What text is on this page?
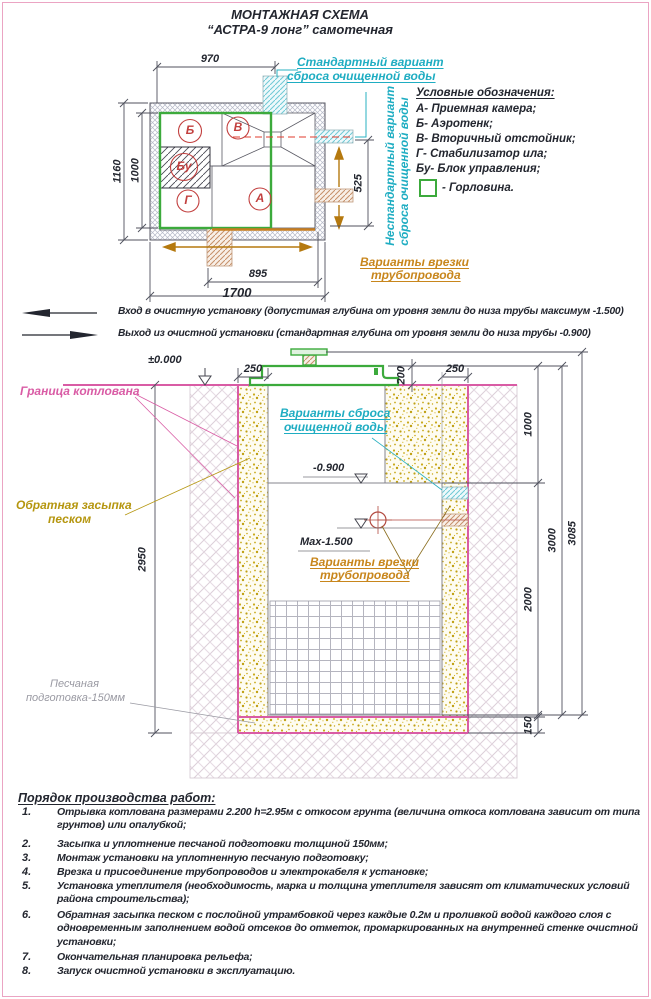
МОНТАЖНАЯ СХЕМА
“АСТРА-9 лонг” самотечная
Стандартный вариант
сброса очищенной воды
Условные обозначения:
А- Приемная камера;
Б- Аэротенк;
В- Вторичный отстойник;
Г- Стабилизатор ила;
Бу- Блок управления;
- Горловина.
Б	В
Бу
Г	А
970
1000
1160
525
895
1700
Нестандартный вариант сброса очищенной воды
Варианты врезки
трубопровода
Вход в очистную установку (допустимая глубина от уровня земли до низа трубы максимум -1.500)
Выход из очистной установки (стандартная глубина от уровня земли до низа трубы -0.900)
±0.000
250	250
200
Граница котлована
Обратная засыпка
песком
Варианты сброса
очищенной воды
-0.900
Max-1.500
Варианты врезки
трубопровода
Песчаная
подготовка-150мм
2950
1000
2000
3000 3085
150
Порядок производства работ:
1. Отрывка котлована размерами 2.200 h=2.95м с откосом грунта (величина откоса котлована зависит от типа грунтов) или опалубкой;
2. Засыпка и уплотнение песчаной подготовки толщиной 150мм;
3. Монтаж установки на уплотненную песчаную подготовку;
4. Врезка и присоединение трубопроводов и электрокабеля к установке;
5. Установка утеплителя (необходимость, марка и толщина утеплителя зависят от климатических условий района строительства);
6. Обратная засыпка песком с послойной утрамбовкой через каждые 0.2м и проливкой водой каждого слоя с одновременным заполнением водой отсеков до отметок, промаркированных на внутренней стенке очистной установки;
7. Окончательная планировка рельефа;
8. Запуск очистной установки в эксплуатацию.
